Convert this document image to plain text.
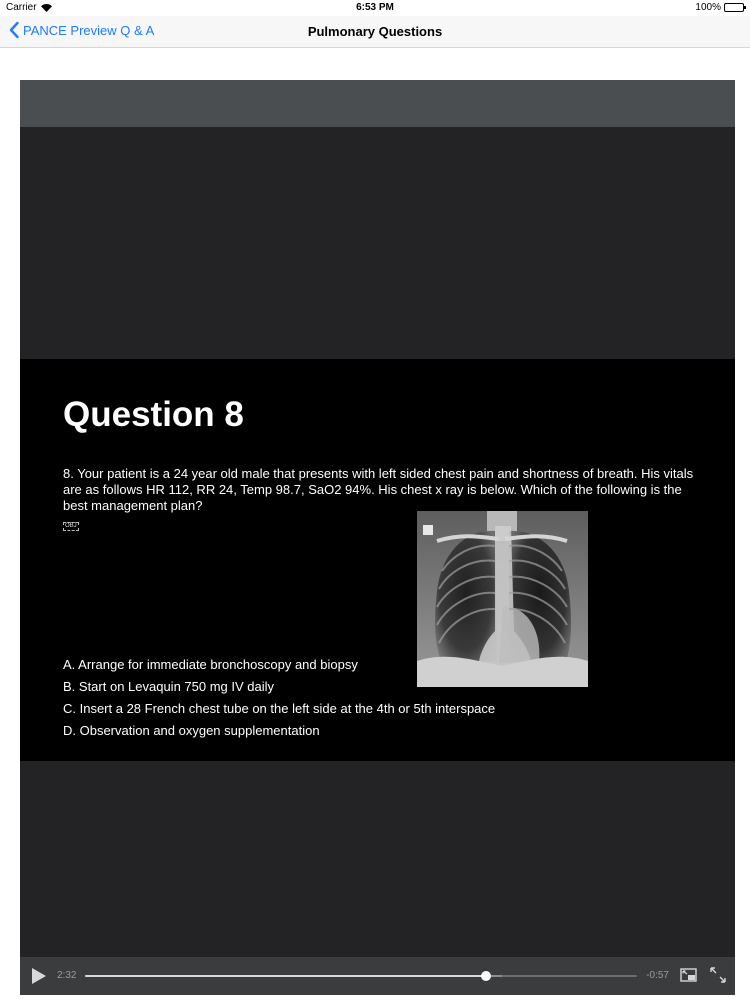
Carrier	6:53 PM	100%
PANCE Preview Q & A	Pulmonary Questions
Question 8
8. Your patient is a 24 year old male that presents with left sided chest pain and shortness of breath. His vitals are as follows HR 112, RR 24, Temp 98.7, SaO2 94%. His chest x ray is below. Which of the following is the best management plan?
OBJ
A. Arrange for immediate bronchoscopy and biopsy
B. Start on Levaquin 750 mg IV daily
C. Insert a 28 French chest tube on the left side at the 4th or 5th interspace
D. Observation and oxygen supplementation
2:32	-0:57
